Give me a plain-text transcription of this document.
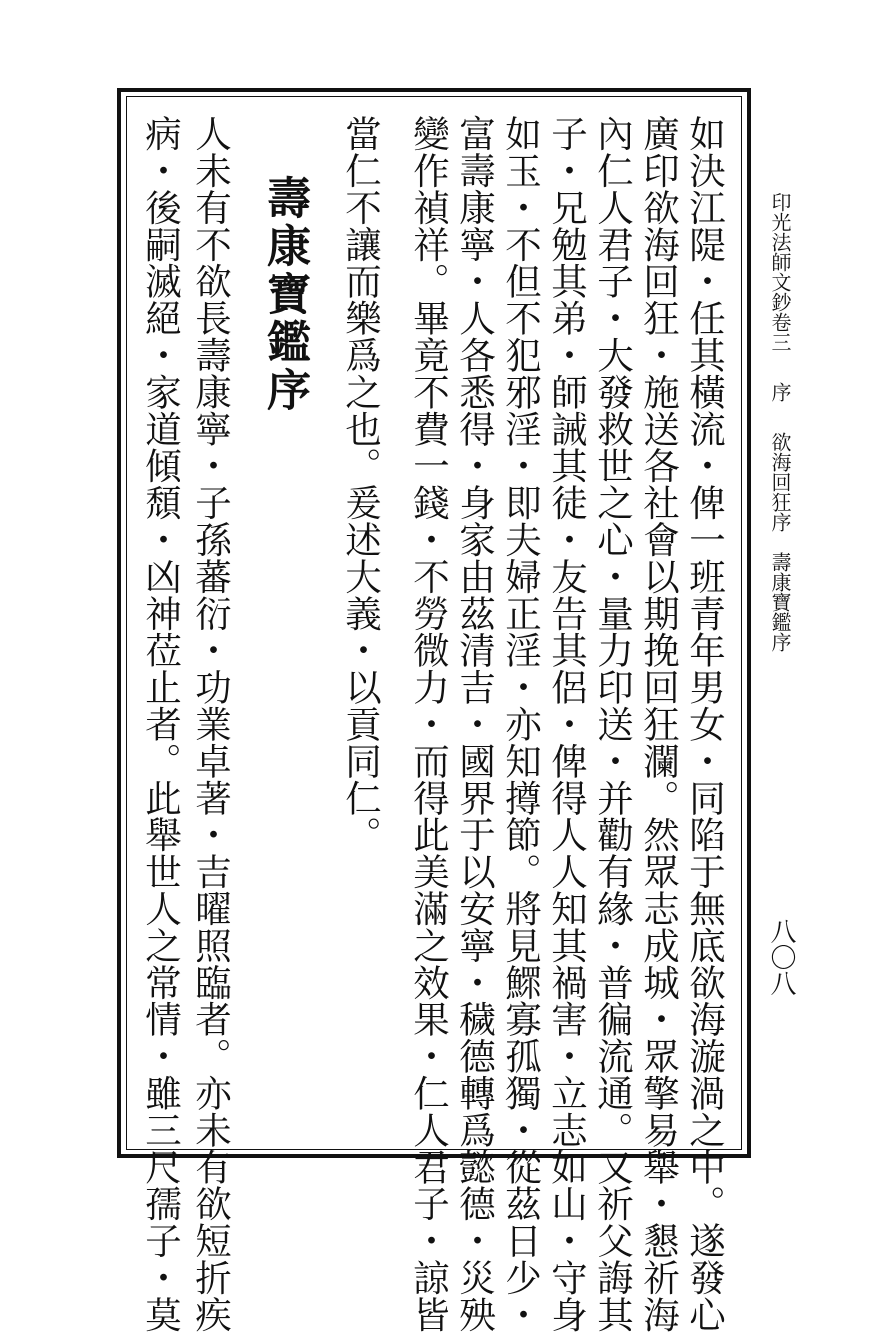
印光法師文鈔卷三序欲海回狂序　壽康寶鑑序
八〇八
如決江隄・任其橫流・俾一班青年男女・同陷于無底欲海漩渦之中。遂發心
廣印欲海回狂・施送各社會以期挽回狂瀾。然眾志成城・眾擎易舉・懇祈海
內仁人君子・大發救世之心・量力印送・并勸有緣・普徧流通。又祈父誨其
子・兄勉其弟・師誡其徒・友告其侶・俾得人人知其禍害・立志如山・守身
如玉・不但不犯邪淫・即夫婦正淫・亦知撙節。將見鰥寡孤獨・從茲日少・
富壽康寧・人各悉得・身家由茲清吉・國界于以安寧・穢德轉爲懿德・災殃
變作禎祥。畢竟不費一錢・不勞微力・而得此美滿之效果・仁人君子・諒皆
當仁不讓而樂爲之也。爰述大義・以貢同仁。
壽康寶鑑序
人未有不欲長壽康寧・子孫蕃衍・功業卓著・吉曜照臨者。亦未有欲短折疾
病・後嗣滅絕・家道傾頹・凶神莅止者。此舉世人之常情・雖三尺孺子・莫
